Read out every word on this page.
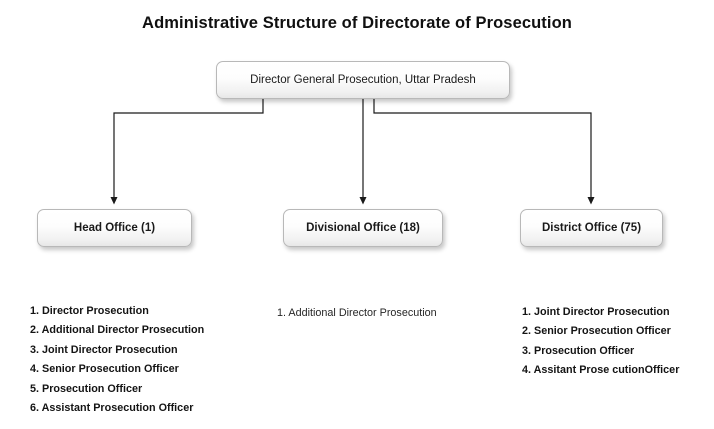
Administrative Structure of Directorate of Prosecution
Director General Prosecution, Uttar Pradesh
Head Office (1)	Divisional Office (18)	District Office (75)
1. Director Prosecution
2. Additional Director Prosecution
3. Joint Director Prosecution
4. Senior Prosecution Officer
5. Prosecution Officer
6. Assistant Prosecution Officer
1. Additional Director Prosecution	1. Joint Director Prosecution
2. Senior Prosecution Officer
3. Prosecution Officer
4. Assitant Prose cutionOfficer
